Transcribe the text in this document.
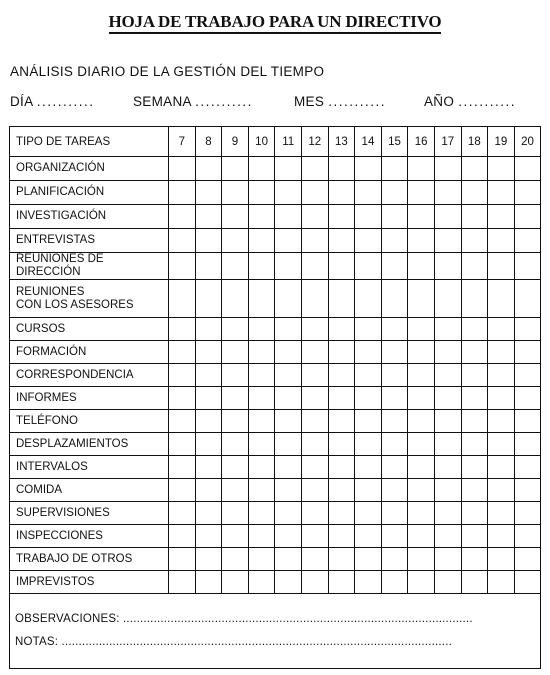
HOJA DE TRABAJO PARA UN DIRECTIVO
ANÁLISIS DIARIO DE LA GESTIÓN DEL TIEMPO
DÍA ...........	SEMANA ...........	MES ...........	AÑO ...........
TIPO DE TAREAS	7	8	9	10	11	12	13	14	15	16	17	18	19	20
ORGANIZACIÓN														
PLANIFICACIÓN														
INVESTIGACIÓN														
ENTREVISTAS														
REUNIONES DE DIRECCIÓN														
REUNIONES
CON LOS ASESORES														
CURSOS														
FORMACIÓN														
CORRESPONDENCIA														
INFORMES														
TELÉFONO														
DESPLAZAMIENTOS														
INTERVALOS														
COMIDA														
SUPERVISIONES														
INSPECCIONES														
TRABAJO DE OTROS														
IMPREVISTOS														
OBSERVACIONES: .......................................................................................................
NOTAS: ...................................................................................................................
